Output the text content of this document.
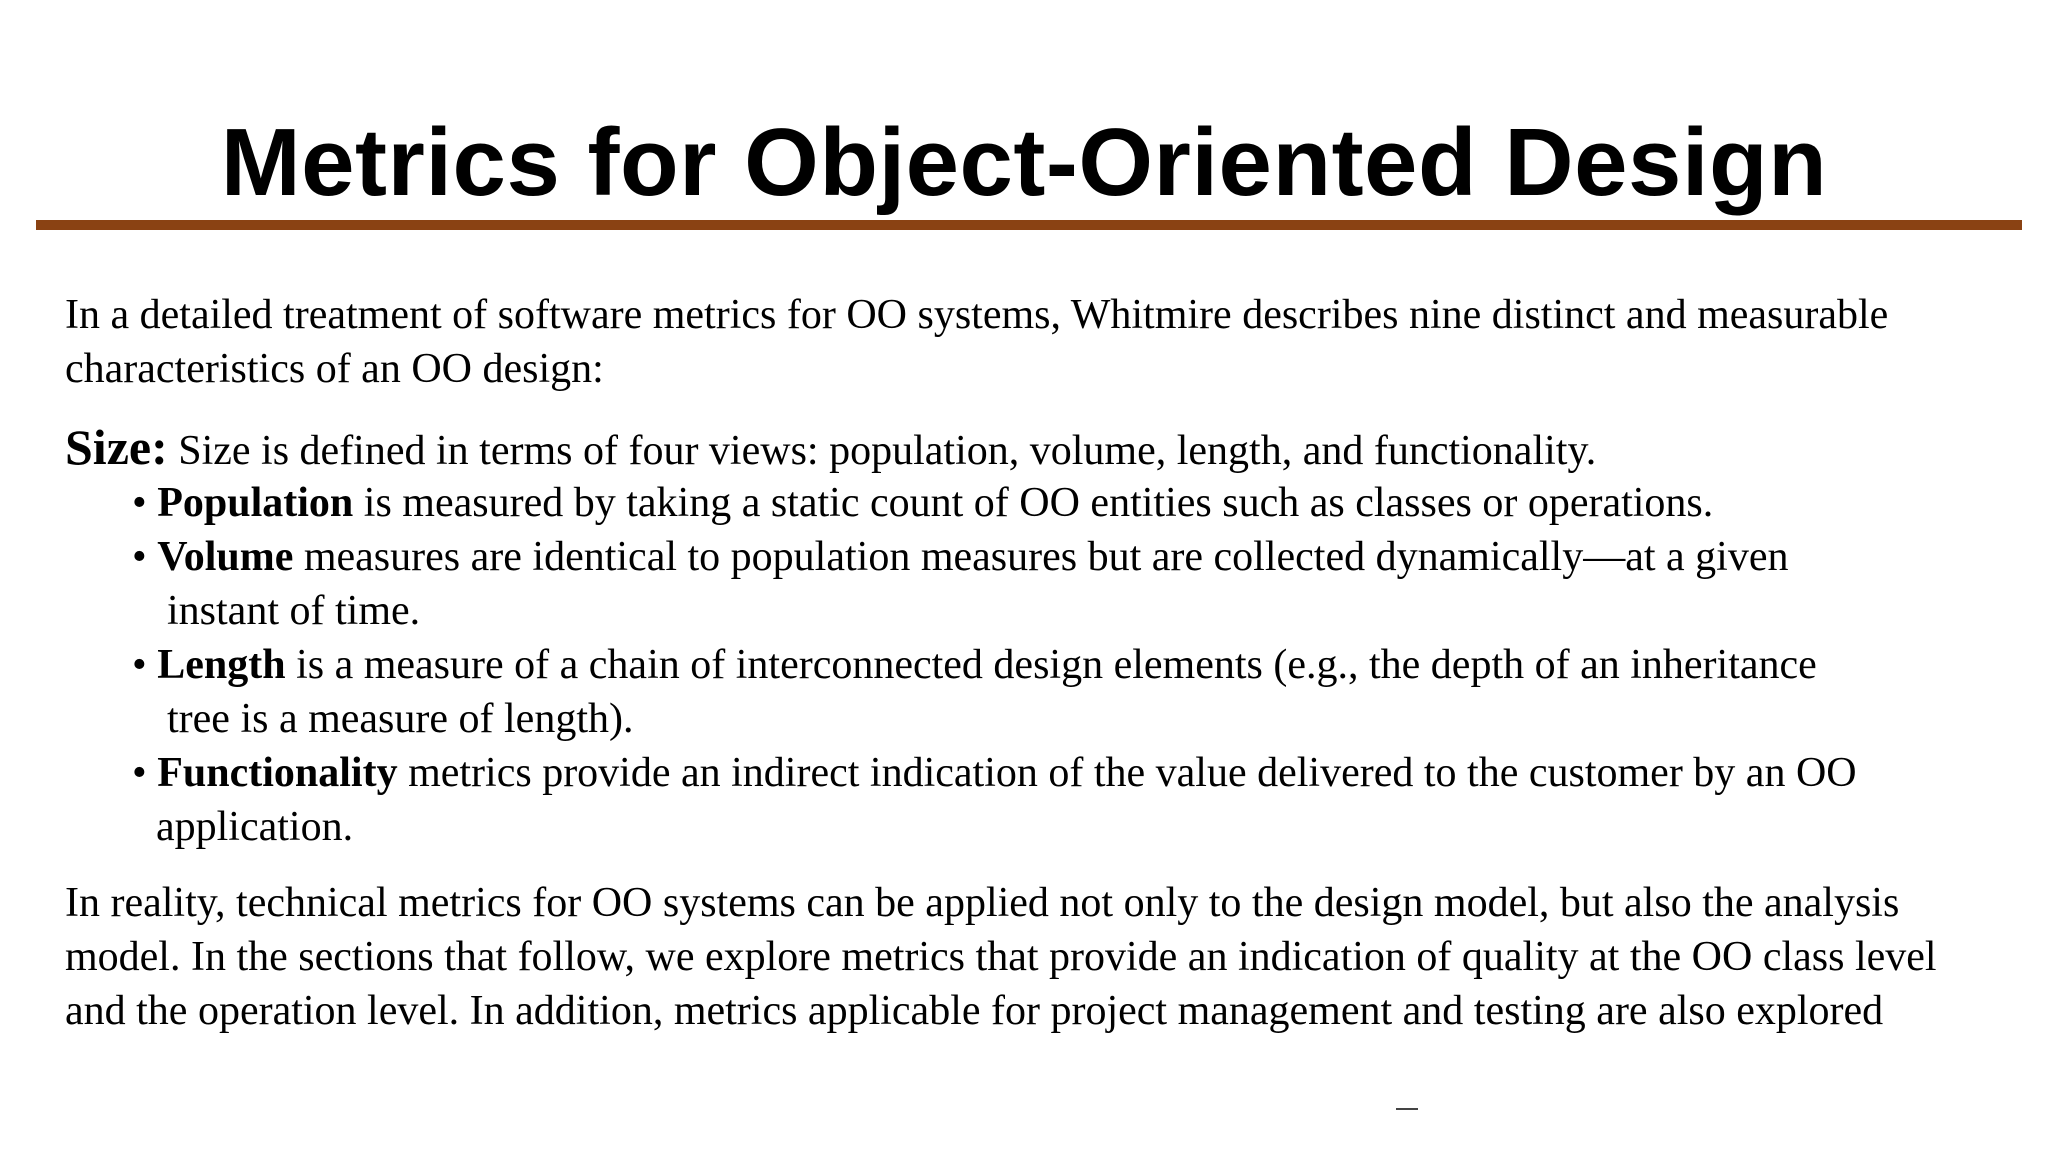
Metrics for Object-Oriented Design
In a detailed treatment of software metrics for OO systems, Whitmire describes nine distinct and measurable characteristics of an OO design:
Size: Size is defined in terms of four views: population, volume, length, and functionality.
• Population is measured by taking a static count of OO entities such as classes or operations.
• Volume measures are identical to population measures but are collected dynamically—at a given
instant of time.
• Length is a measure of a chain of interconnected design elements (e.g., the depth of an inheritance
tree is a measure of length).
• Functionality metrics provide an indirect indication of the value delivered to the customer by an OO
application.
In reality, technical metrics for OO systems can be applied not only to the design model, but also the analysis model. In the sections that follow, we explore metrics that provide an indication of quality at the OO class level and the operation level. In addition, metrics applicable for project management and testing are also explored
